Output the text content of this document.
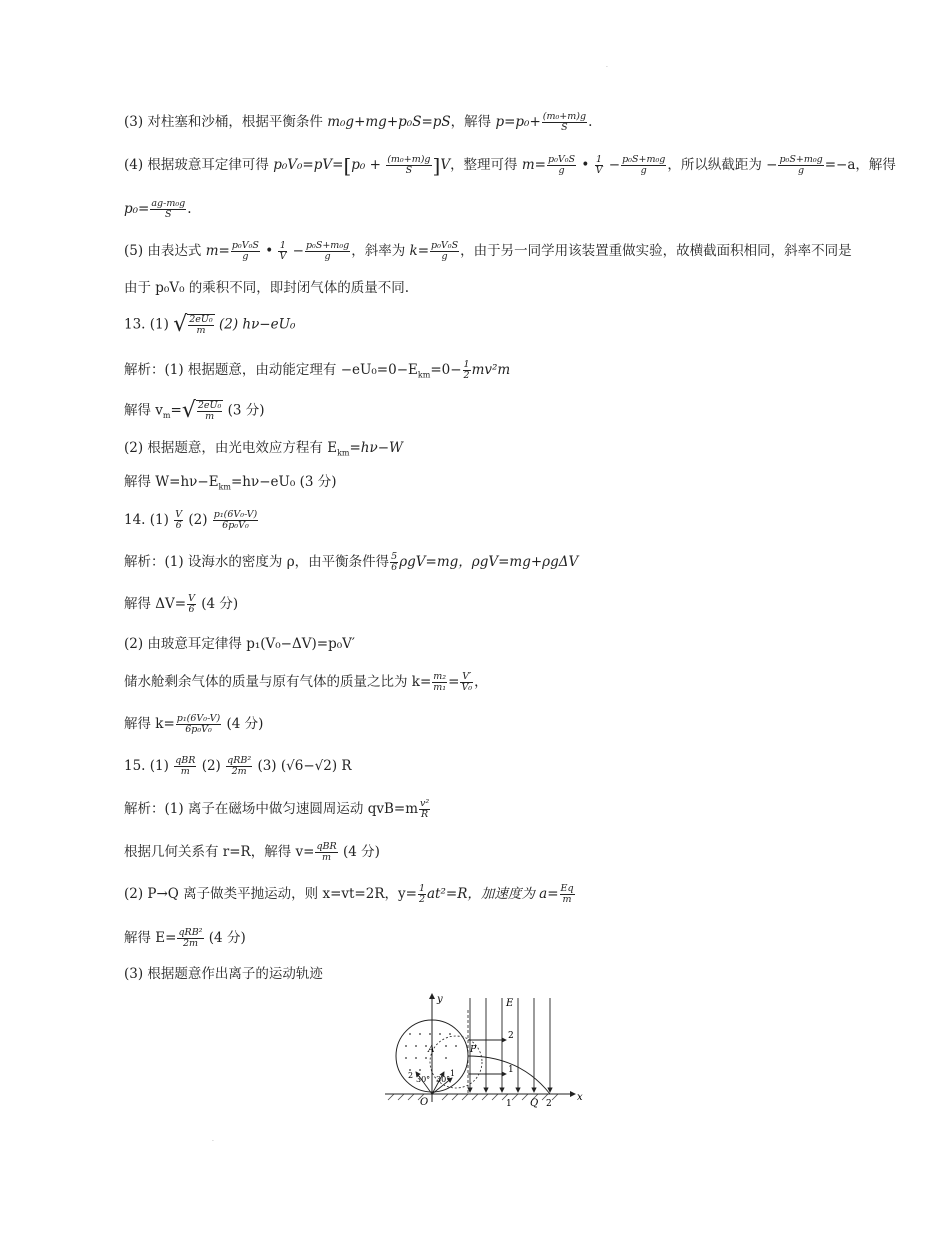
(3) 对柱塞和沙桶，根据平衡条件 m₀g+mg+p₀S=pS，解得 $p=p_0+ \frac{\text{(m₀+m)g}}{S}$ .
(4) 根据玻意耳定律可得 $p_0V_0=pV=[p_0 + \frac{\text{(m₀+m)g}}{S} ]V$，整理可得 $m= \frac{\text{p₀V₀S}}{g}$ • $\frac{1}{V} - \frac{\text{p₀S+m₀g}}{g}$ ，所以纵截距为 − $\frac{\text{p₀S+m₀g}}{g} =-a$，解得
$p_0= \frac{\text{ag-m₀g}}{S}$ .
(5) 由表达式 $m= \frac{\text{p₀V₀S}}{g}$ • $\frac{1}{V} - \frac{\text{p₀S+m₀g}}{g}$ ，斜率为 $k= \frac{\text{p₀V₀S}}{g}$ ，由于另一同学用该装置重做实验，故横截面积相同，斜率不同是
由于 p₀V₀ 的乘积不同，即封闭气体的质量不同.
13. (1) √ $\frac{\text{2eU₀}}{m} (2)$ hν−eU₀
解析：(1) 根据题意，由动能定理有 $-eU_0=0-E_{km}=0- \frac{1}{2} mv^2m$
解得 $v_m=√ \frac{\text{2eU₀}}{m} (3$ 分)
(2) 根据题意，由光电效应方程有 $E_{km}=h\nu-W$
解得 $W=h\nu-E_{km}=h\nu-eU_0$ (3 分)
14. $(1) \frac{V}{6} (2) \frac{\text{p₁(6V₀-V)}}{\text{6p₀V₀}}$
解析：(1) 设海水的密度为 ρ，由平衡条件得 $\frac{5}{6} \rho gV=mg$，ρgV=mg+ρgΔV
解得 $\Delta V= \frac{V}{6} (4$ 分)
(2) 由玻意耳定律得 p₁(V₀−ΔV)=p₀V′
储水舱剩余气体的质量与原有气体的质量之比为 $k= \frac{\text{m₂}}{\text{m₁}} = \frac{V'}{\text{V₀}}$ ，
解得 $k= \frac{\text{p₁(6V₀-V)}}{\text{6p₀V₀}} (4$ 分)
15. $(1) \frac{\text{qBR}}{m} (2) \frac{\text{qRB²}}{2m} (3)$ (√6−√2) R
解析：(1) 离子在磁场中做匀速圆周运动 $qvB=m \frac{\text{v²}}{R}$
根据几何关系有 r=R，解得 $v= \frac{\text{qBR}}{m} (4$ 分)
(2) P→Q 离子做类平抛运动，则 x=vt=2R，$y= \frac{1}{2} at^2=R$，加速度为 $a= \frac{Eq}{m}$
解得 $E= \frac{\text{qRB²}}{2m} (4$ 分)
(3) 根据题意作出离子的运动轨迹
y
x
E
O
A	P
Q
1	2
2
1
30° 30°
1
2
·
·
